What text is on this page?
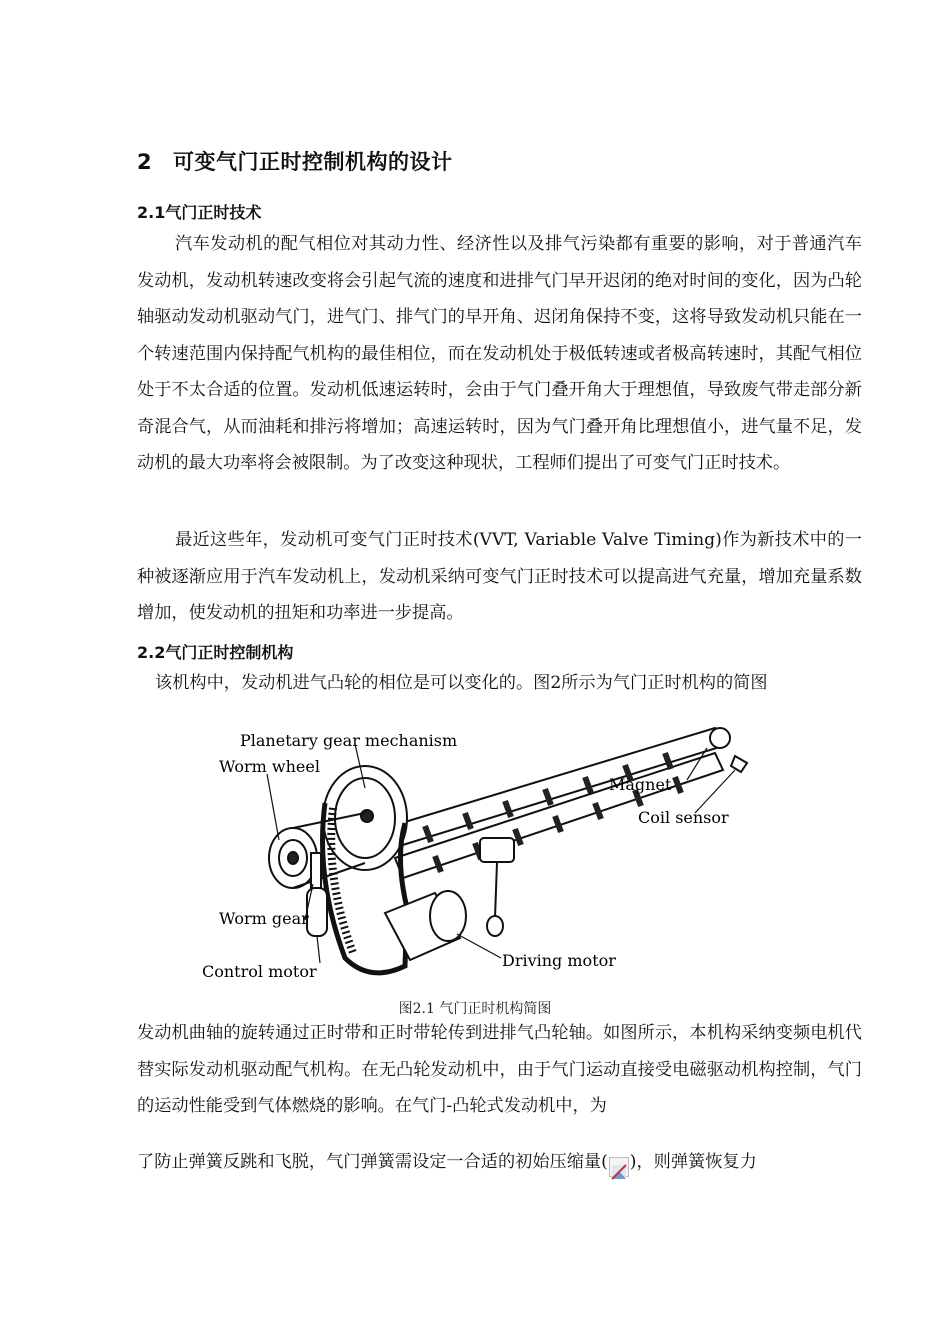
2 可变气门正时控制机构的设计
2.1气门正时技术
汽车发动机的配气相位对其动力性、经济性以及排气污染都有重要的影响，对于普通汽车发动机，发动机转速改变将会引起气流的速度和进排气门早开迟闭的绝对时间的变化，因为凸轮轴驱动发动机驱动气门，进气门、排气门的早开角、迟闭角保持不变，这将导致发动机只能在一个转速范围内保持配气机构的最佳相位，而在发动机处于极低转速或者极高转速时，其配气相位处于不太合适的位置。发动机低速运转时，会由于气门叠开角大于理想值，导致废气带走部分新奇混合气，从而油耗和排污将增加；高速运转时，因为气门叠开角比理想值小，进气量不足，发动机的最大功率将会被限制。为了改变这种现状，工程师们提出了可变气门正时技术。
最近这些年，发动机可变气门正时技术(VVT, Variable Valve Timing)作为新技术中的一种被逐渐应用于汽车发动机上，发动机采纳可变气门正时技术可以提高进气充量，增加充量系数增加，使发动机的扭矩和功率进一步提高。
2.2气门正时控制机构
该机构中，发动机进气凸轮的相位是可以变化的。图2所示为气门正时机构的简图
Planetary gear mechanism
Worm wheel
Magnet
Coil sensor
Worm gear
Control motor
Driving motor
图2.1 气门正时机构简图
发动机曲轴的旋转通过正时带和正时带轮传到进排气凸轮轴。如图所示，本机构采纳变频电机代替实际发动机驱动配气机构。在无凸轮发动机中，由于气门运动直接受电磁驱动机构控制，气门的运动性能受到气体燃烧的影响。在气门-凸轮式发动机中，为
了防止弹簧反跳和飞脱，气门弹簧需设定一合适的初始压缩量( )，则弹簧恢复力
